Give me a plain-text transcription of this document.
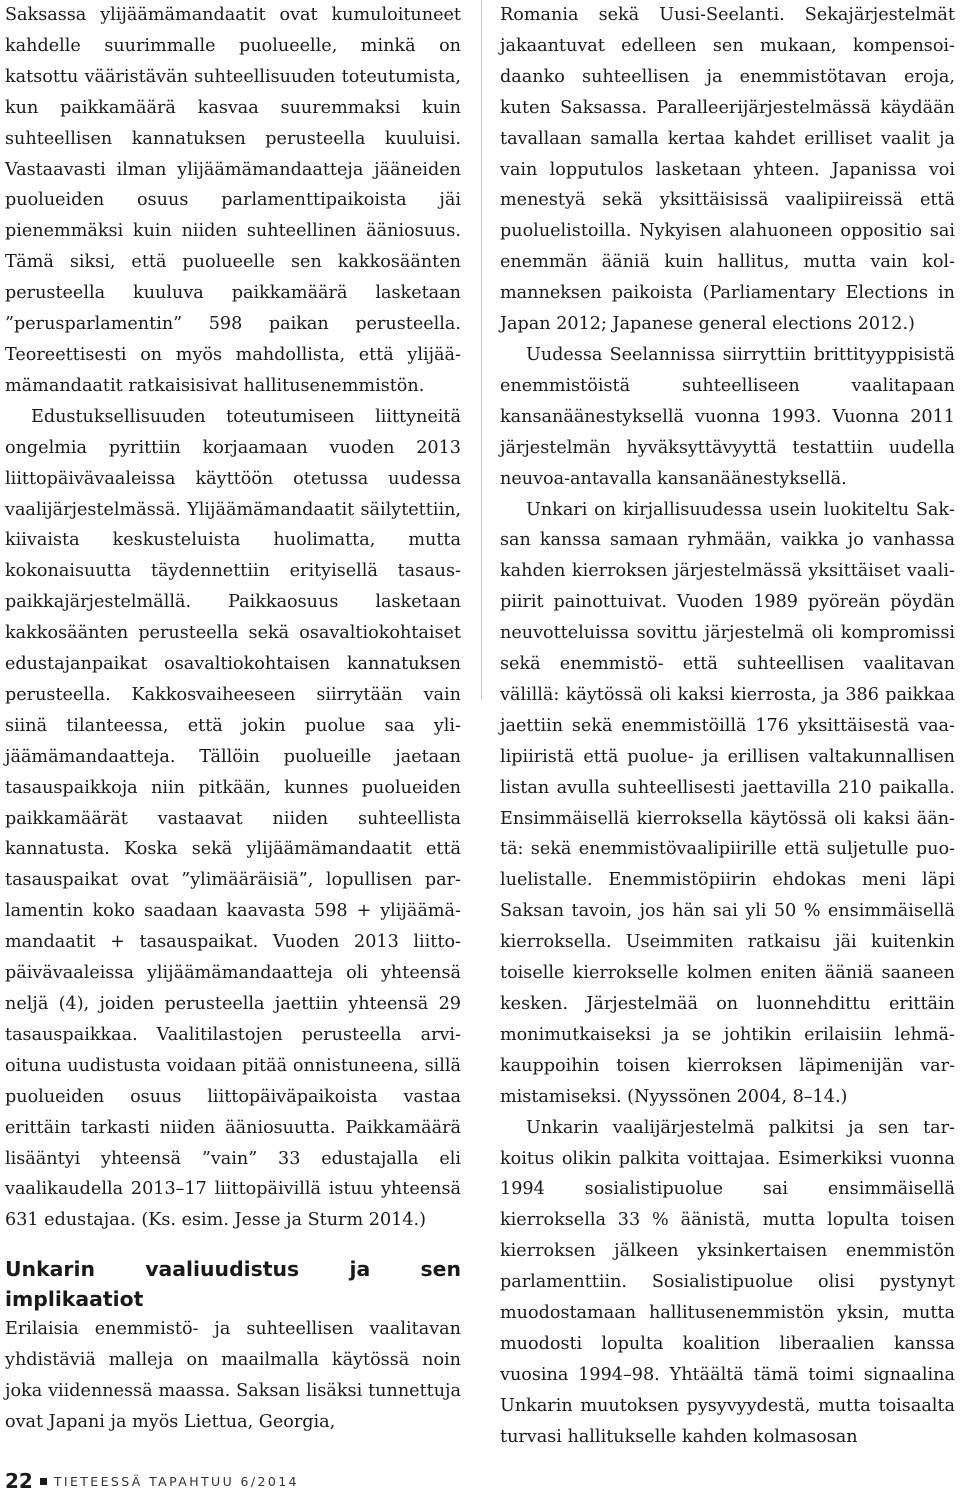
Saksassa ylijäämämandaatit ovat kumuloituneet kahdelle suurimmalle puolueelle, minkä on katsottu vääristävän suhteellisuuden toteutumista, kun paikkamäärä kasvaa suuremmaksi kuin suhteellisen kannatuksen perusteella kuuluisi. Vastaavasti ilman ylijäämämandaatteja jääneiden puolueiden osuus parlamenttipaikoista jäi pienemmäksi kuin niiden suhteellinen ääniosuus. Tämä siksi, että puolueelle sen kakkosäänten perusteella kuuluva paikkamäärä lasketaan ”perusparlamentin” 598 paikan perusteella. Teoreettisesti on myös mahdollista, että ylijäämämandaatit ratkaisisivat hallitusenemmistön.

Edustuksellisuuden toteutumiseen liittyneitä ongelmia pyrittiin korjaamaan vuoden 2013 liittopäivävaaleissa käyttöön otetussa uudessa vaalijärjestelmässä. Ylijäämämandaatit säilytettiin, kiivaista keskusteluista huolimatta, mutta kokonaisuutta täydennettiin erityisellä tasauspaikkajärjestelmällä. Paikkaosuus lasketaan kakkosäänten perusteella sekä osavaltiokohtaiset edustajanpaikat osavaltiokohtaisen kannatuksen perusteella. Kakkosvaiheeseen siirrytään vain siinä tilanteessa, että jokin puolue saa ylijäämämandaatteja. Tällöin puolueille jaetaan tasauspaikkoja niin pitkään, kunnes puolueiden paikkamäärät vastaavat niiden suhteellista kannatusta. Koska sekä ylijäämämandaatit että tasauspaikat ovat ”ylimääräisiä”, lopullisen parlamentin koko saadaan kaavasta 598 + ylijäämämandaatit + tasauspaikat. Vuoden 2013 liittopäivävaaleissa ylijäämämandaatteja oli yhteensä neljä (4), joiden perusteella jaettiin yhteensä 29 tasauspaikkaa. Vaalitilastojen perusteella arvioituna uudistusta voidaan pitää onnistuneena, sillä puolueiden osuus liittopäiväpaikoista vastaa erittäin tarkasti niiden ääniosuutta. Paikkamäärä lisääntyi yhteensä ”vain” 33 edustajalla eli vaalikaudella 2013–17 liittopäivillä istuu yhteensä 631 edustajaa. (Ks. esim. Jesse ja Sturm 2014.)

Unkarin vaaliuudistus ja sen implikaatiot

Erilaisia enemmistö- ja suhteellisen vaalitavan yhdistäviä malleja on maailmalla käytössä noin joka viidennessä maassa. Saksan lisäksi tunnettuja ovat Japani ja myös Liettua, Georgia,

Romania sekä Uusi-Seelanti. Sekajärjestelmät jakaantuvat edelleen sen mukaan, kompensoidaanko suhteellisen ja enemmistötavan eroja, kuten Saksassa. Paralleerijärjestelmässä käydään tavallaan samalla kertaa kahdet erilliset vaalit ja vain lopputulos lasketaan yhteen. Japanissa voi menestyä sekä yksittäisissä vaalipiireissä että puoluelistoilla. Nykyisen alahuoneen oppositio sai enemmän ääniä kuin hallitus, mutta vain kolmanneksen paikoista (Parliamentary Elections in Japan 2012; Japanese general elections 2012.)

Uudessa Seelannissa siirryttiin brittityyppisistä enemmistöistä suhteelliseen vaalitapaan kansanäänestyksellä vuonna 1993. Vuonna 2011 järjestelmän hyväksyttävyyttä testattiin uudella neuvoa-antavalla kansanäänestyksellä.

Unkari on kirjallisuudessa usein luokiteltu Saksan kanssa samaan ryhmään, vaikka jo vanhassa kahden kierroksen järjestelmässä yksittäiset vaalipiirit painottuivat. Vuoden 1989 pyöreän pöydän neuvotteluissa sovittu järjestelmä oli kompromissi sekä enemmistö- että suhteellisen vaalitavan välillä: käytössä oli kaksi kierrosta, ja 386 paikkaa jaettiin sekä enemmistöillä 176 yksittäisestä vaalipiiristä että puolue- ja erillisen valtakunnallisen listan avulla suhteellisesti jaettavilla 210 paikalla. Ensimmäisellä kierroksella käytössä oli kaksi ääntä: sekä enemmistövaalipiirille että suljetulle puoluelistalle. Enemmistöpiirin ehdokas meni läpi Saksan tavoin, jos hän sai yli 50 % ensimmäisellä kierroksella. Useimmiten ratkaisu jäi kuitenkin toiselle kierrokselle kolmen eniten ääniä saaneen kesken. Järjestelmää on luonnehdittu erittäin monimutkaiseksi ja se johtikin erilaisiin lehmäkauppoihin toisen kierroksen läpimenijän varmistamiseksi. (Nyyssönen 2004, 8–14.)

Unkarin vaalijärjestelmä palkitsi ja sen tarkoitus olikin palkita voittajaa. Esimerkiksi vuonna 1994 sosialistipuolue sai ensimmäisellä kierroksella 33 % äänistä, mutta lopulta toisen kierroksen jälkeen yksinkertaisen enemmistön parlamenttiin. Sosialistipuolue olisi pystynyt muodostamaan hallitusenemmistön yksin, mutta muodosti lopulta koalition liberaalien kanssa vuosina 1994–98. Yhtäältä tämä toimi signaalina Unkarin muutoksen pysyvyydestä, mutta toisaalta turvasi hallitukselle kahden kolmasosan

22 TIETEESSÄ TAPAHTUU 6/2014
